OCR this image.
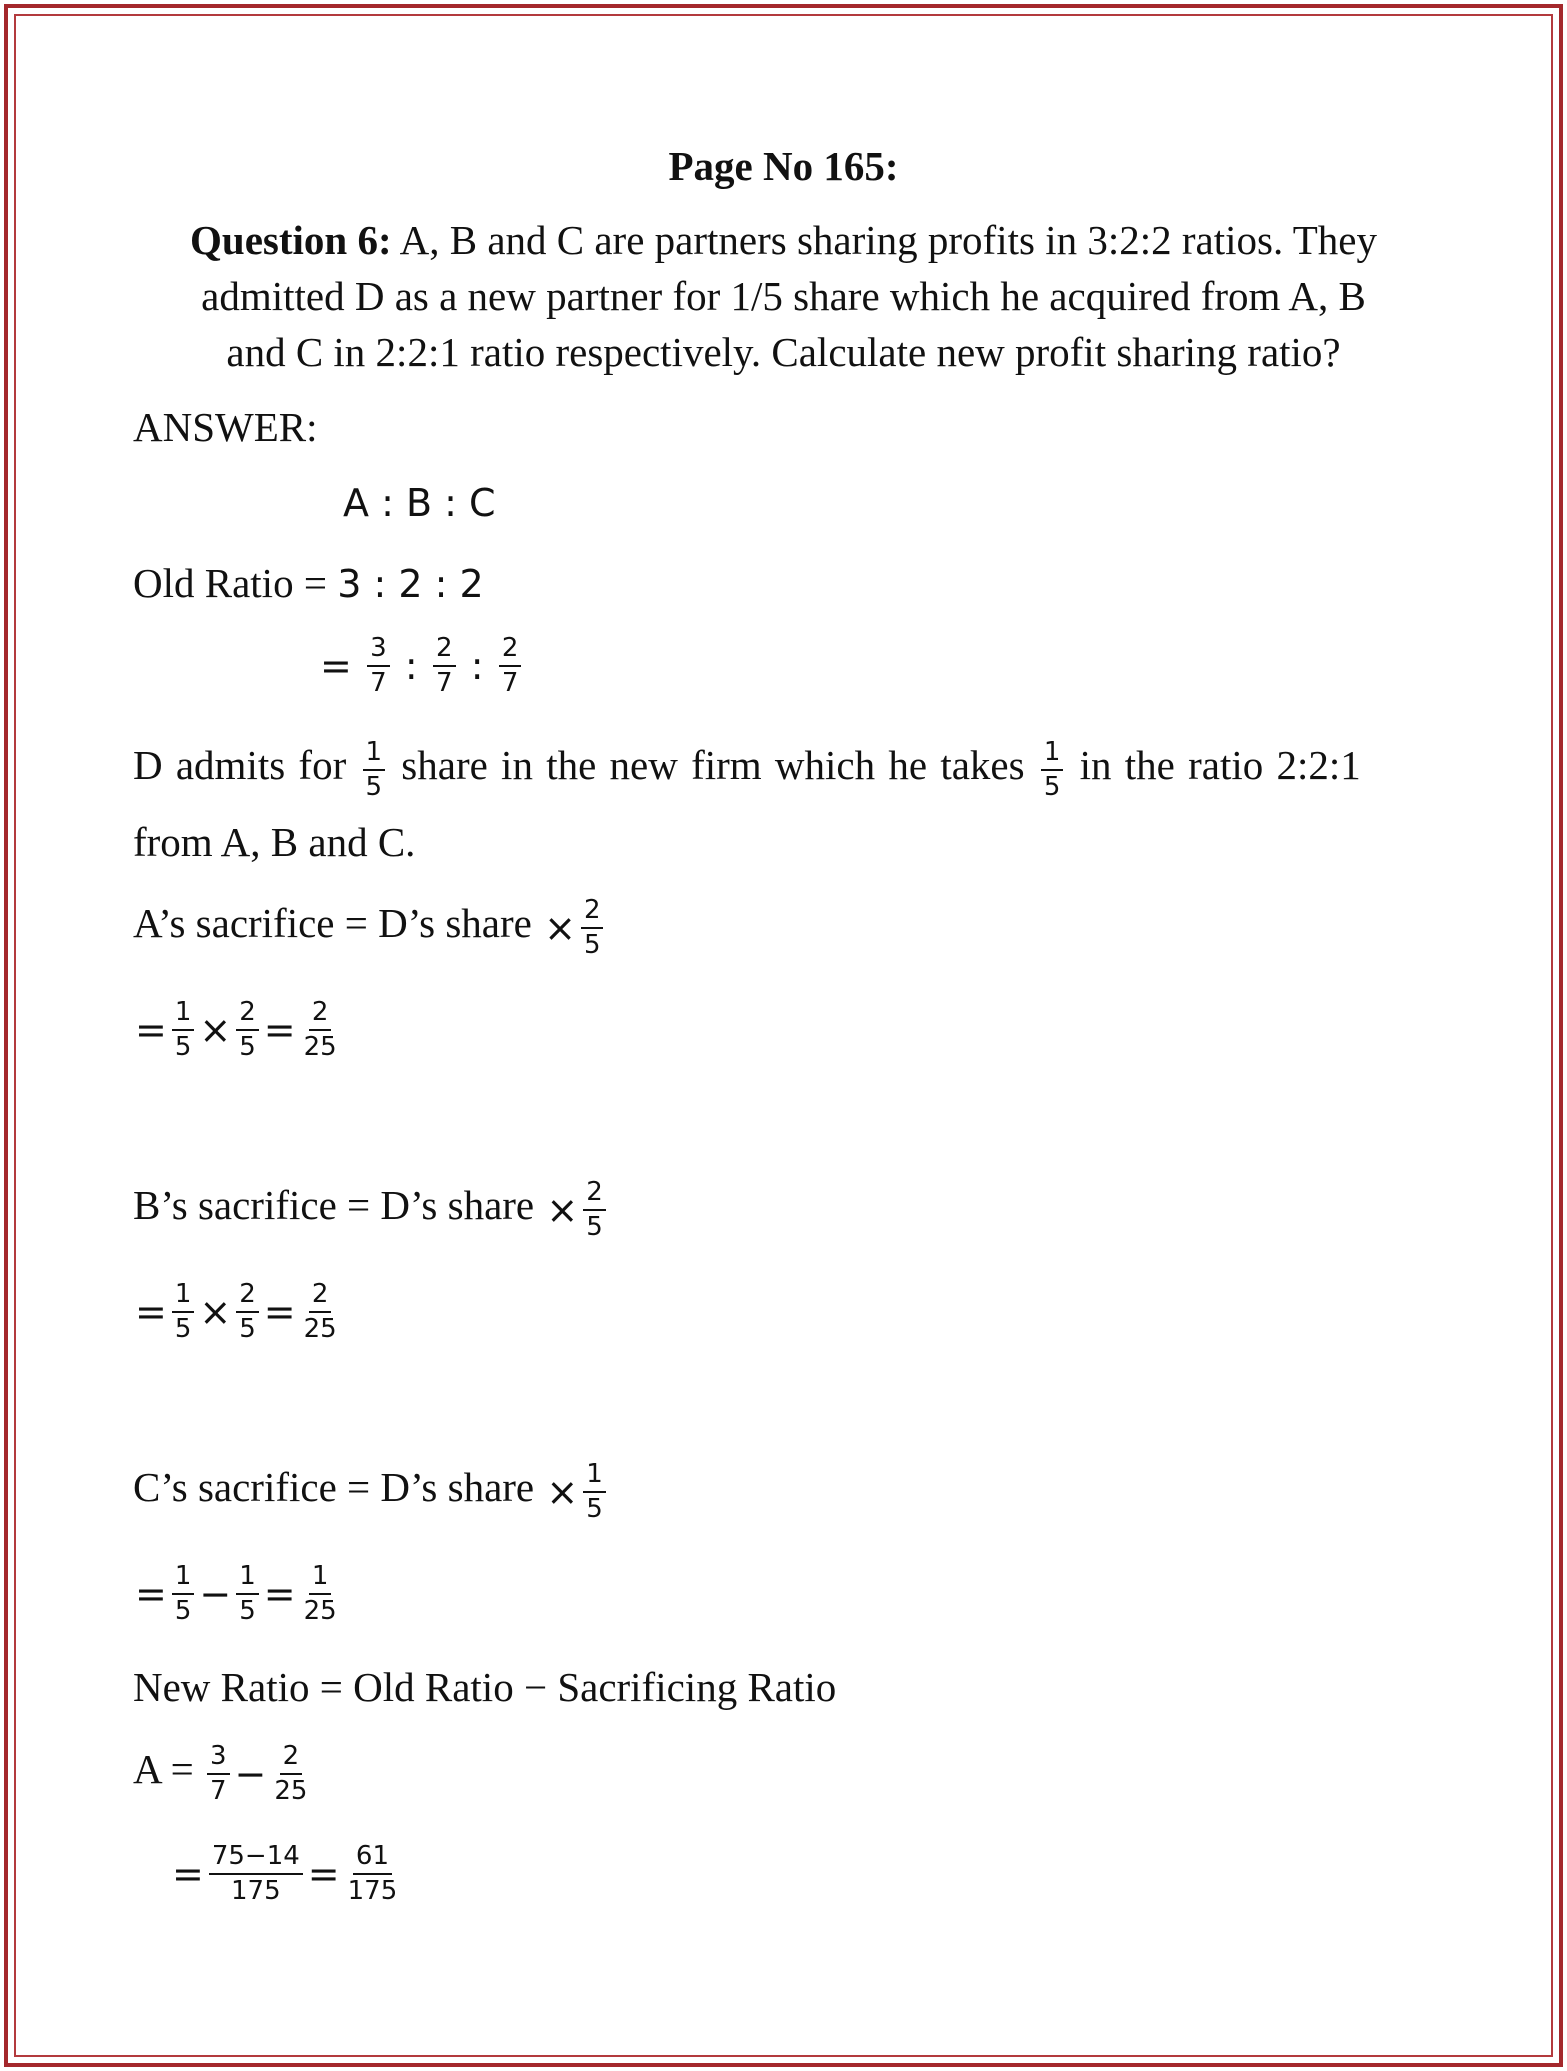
Page No 165:
Question 6: A, B and C are partners sharing profits in 3:2:2 ratios. They
admitted D as a new partner for 1/5 share which he acquired from A, B
and C in 2:2:1 ratio respectively. Calculate new profit sharing ratio?
ANSWER:
A : B : C
Old Ratio = 3 : 2 : 2
= $\frac{3}{7}$ : $\frac{2}{7}$ : $\frac{2}{7}$
D admits for $\frac{1}{5}$ share in the new firm which he takes $\frac{1}{5}$ in the ratio 2:2:1
from A, B and C.
A’s sacrifice = D’s share × $\frac{2}{5}$
= $\frac{1}{5} \times \frac{2}{5} = \frac{2}{25}$
B’s sacrifice = D’s share × $\frac{2}{5}$
= $\frac{1}{5} \times \frac{2}{5} = \frac{2}{25}$
C’s sacrifice = D’s share × $\frac{1}{5}$
= $\frac{1}{5} - \frac{1}{5} = \frac{1}{25}$
New Ratio = Old Ratio − Sacrificing Ratio
$A = \frac{3}{7} - \frac{2}{25}$
= $\frac{75-14}{175} = \frac{61}{175}$
